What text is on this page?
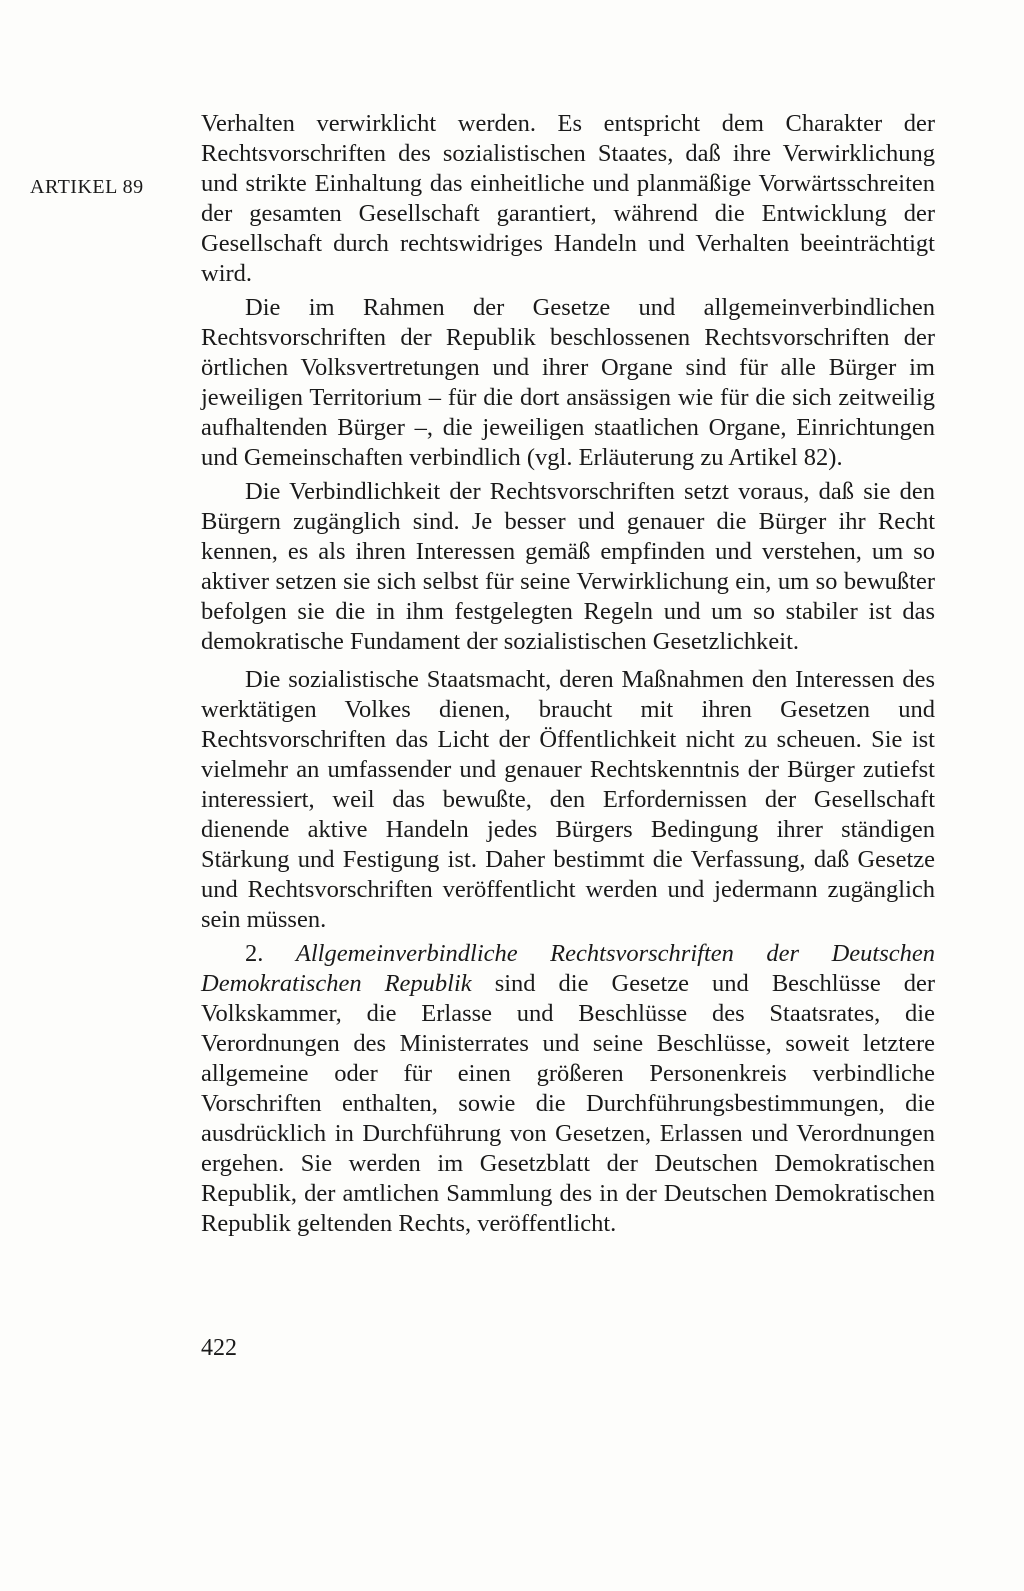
ARTIKEL 89

Verhalten verwirklicht werden. Es entspricht dem Charakter der Rechtsvorschriften des sozialistischen Staates, daß ihre Verwirklichung und strikte Einhaltung das einheitliche und planmäßige Vorwärtsschreiten der gesamten Gesellschaft garantiert, während die Entwicklung der Gesellschaft durch rechtswidriges Handeln und Verhalten beeinträchtigt wird.

Die im Rahmen der Gesetze und allgemeinverbindlichen Rechtsvorschriften der Republik beschlossenen Rechtsvorschriften der örtlichen Volksvertretungen und ihrer Organe sind für alle Bürger im jeweiligen Territorium – für die dort ansässigen wie für die sich zeitweilig aufhaltenden Bürger –, die jeweiligen staatlichen Organe, Einrichtungen und Gemeinschaften verbindlich (vgl. Erläuterung zu Artikel 82).

Die Verbindlichkeit der Rechtsvorschriften setzt voraus, daß sie den Bürgern zugänglich sind. Je besser und genauer die Bürger ihr Recht kennen, es als ihren Interessen gemäß empfinden und verstehen, um so aktiver setzen sie sich selbst für seine Verwirklichung ein, um so bewußter befolgen sie die in ihm festgelegten Regeln und um so stabiler ist das demokratische Fundament der sozialistischen Gesetzlichkeit.

Die sozialistische Staatsmacht, deren Maßnahmen den Interessen des werktätigen Volkes dienen, braucht mit ihren Gesetzen und Rechtsvorschriften das Licht der Öffentlichkeit nicht zu scheuen. Sie ist vielmehr an umfassender und genauer Rechtskenntnis der Bürger zutiefst interessiert, weil das bewußte, den Erfordernissen der Gesellschaft dienende aktive Handeln jedes Bürgers Bedingung ihrer ständigen Stärkung und Festigung ist. Daher bestimmt die Verfassung, daß Gesetze und Rechtsvorschriften veröffentlicht werden und jedermann zugänglich sein müssen.

2. Allgemeinverbindliche Rechtsvorschriften der Deutschen Demokratischen Republik sind die Gesetze und Beschlüsse der Volkskammer, die Erlasse und Beschlüsse des Staatsrates, die Verordnungen des Ministerrates und seine Beschlüsse, soweit letztere allgemeine oder für einen größeren Personenkreis verbindliche Vorschriften enthalten, sowie die Durchführungsbestimmungen, die ausdrücklich in Durchführung von Gesetzen, Erlassen und Verordnungen ergehen. Sie werden im Gesetzblatt der Deutschen Demokratischen Republik, der amtlichen Sammlung des in der Deutschen Demokratischen Republik geltenden Rechts, veröffentlicht.

422
